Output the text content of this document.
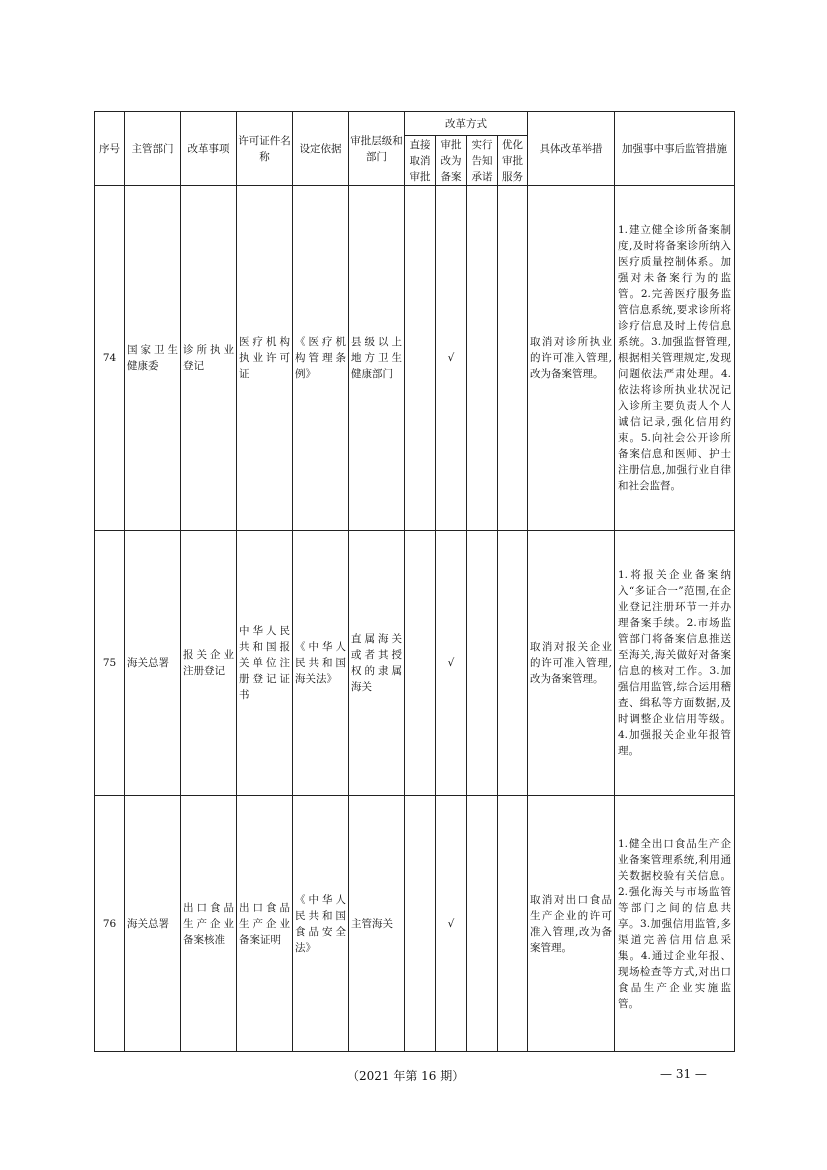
序号	主管部门	改革事项	许可证件名称	设定依据	审批层级和部门	改革方式				具体改革举措	加强事中事后监管措施
						直接取消审批	审批改为备案	实行告知承诺	优化审批服务		
74	国家卫生健康委	诊所执业登记	医疗机构执业许可证	《医疗机构管理条例》	县级以上地方卫生健康部门		√			取消对诊所执业的许可准入管理,改为备案管理。	1.建立健全诊所备案制度,及时将备案诊所纳入医疗质量控制体系。加强对未备案行为的监管。2.完善医疗服务监管信息系统,要求诊所将诊疗信息及时上传信息系统。3.加强监督管理,根据相关管理规定,发现问题依法严肃处理。4.依法将诊所执业状况记入诊所主要负责人个人诚信记录,强化信用约束。5.向社会公开诊所备案信息和医师、护士注册信息,加强行业自律和社会监督。
75	海关总署	报关企业注册登记	中华人民共和国报关单位注册登记证书	《中华人民共和国海关法》	直属海关或者其授权的隶属海关		√			取消对报关企业的许可准入管理,改为备案管理。	1.将报关企业备案纳入“多证合一”范围,在企业登记注册环节一并办理备案手续。2.市场监管部门将备案信息推送至海关,海关做好对备案信息的核对工作。3.加强信用监管,综合运用稽查、缉私等方面数据,及时调整企业信用等级。4.加强报关企业年报管理。
76	海关总署	出口食品生产企业备案核准	出口食品生产企业备案证明	《中华人民共和国食品安全法》	主管海关		√			取消对出口食品生产企业的许可准入管理,改为备案管理。	1.健全出口食品生产企业备案管理系统,利用通关数据校验有关信息。2.强化海关与市场监管等部门之间的信息共享。3.加强信用监管,多渠道完善信用信息采集。4.通过企业年报、现场检查等方式,对出口食品生产企业实施监管。
（2021 年第 16 期）	— 31 —
